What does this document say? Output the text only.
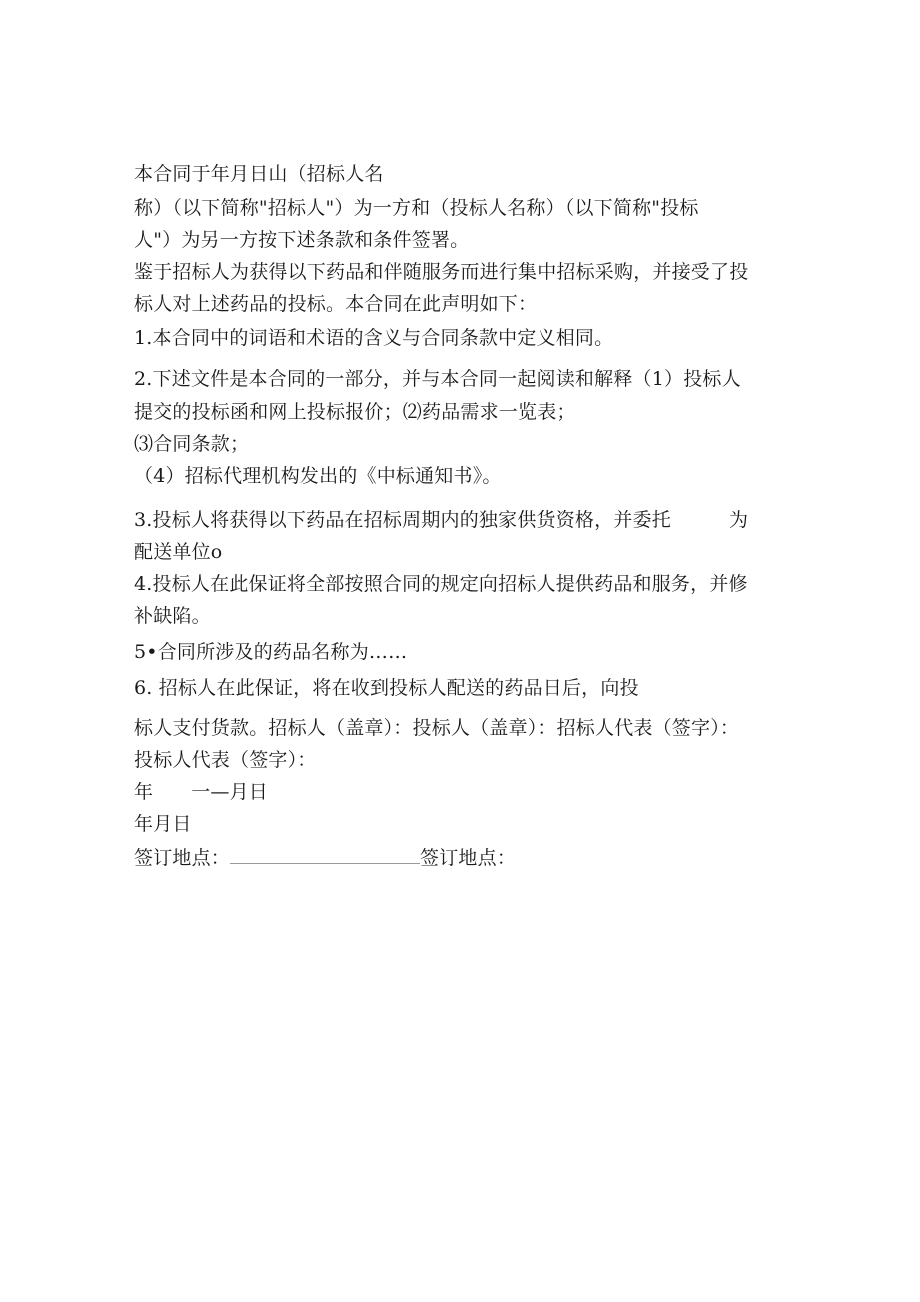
本合同于年月日山（招标人名
称）（以下简称"招标人"）为一方和（投标人名称）（以下简称"投标
人"）为另一方按下述条款和条件签署。
鉴于招标人为获得以下药品和伴随服务而进行集中招标采购，并接受了投
标人对上述药品的投标。本合同在此声明如下：
1.本合同中的词语和术语的含义与合同条款中定义相同。
2.下述文件是本合同的一部分，并与本合同一起阅读和解释（1）投标人
提交的投标函和网上投标报价；⑵药品需求一览表；
⑶合同条款；
（4）招标代理机构发出的《中标通知书》。
3.投标人将获得以下药品在招标周期内的独家供货资格，并委托	为
配送单位o
4.投标人在此保证将全部按照合同的规定向招标人提供药品和服务，并修
补缺陷。
5•合同所涉及的药品名称为……
6. 招标人在此保证，将在收到投标人配送的药品日后，向投
标人支付货款。招标人（盖章）：投标人（盖章）：招标人代表（签字）：
投标人代表（签字）：
年 一—月日
年月日
签订地点：	签订地点：
